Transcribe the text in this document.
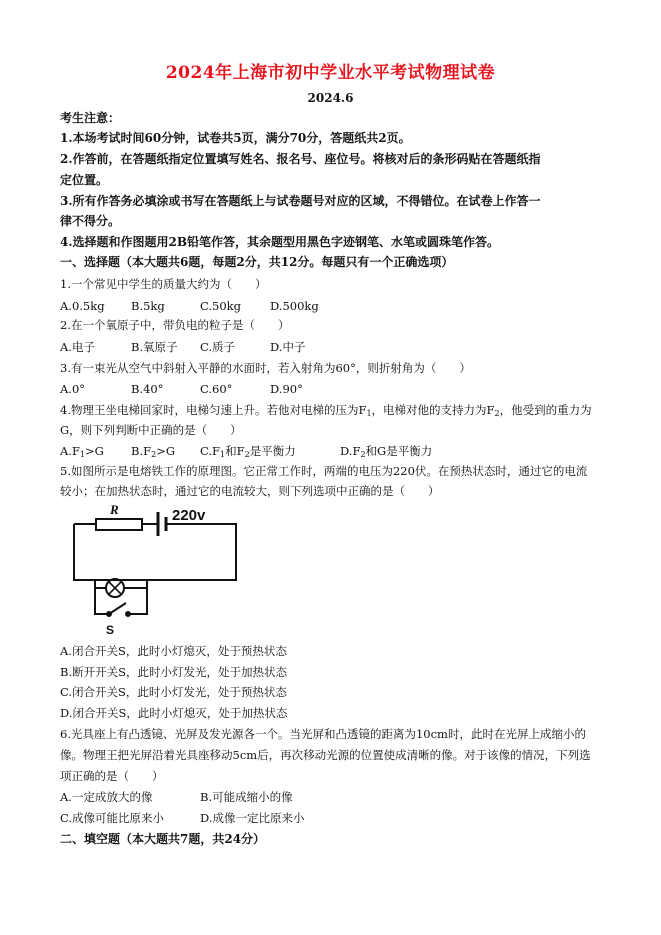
2024年上海市初中学业水平考试物理试卷
2024.6
考生注意：
1.本场考试时间60分钟，试卷共5页，满分70分，答题纸共2页。
2.作答前，在答题纸指定位置填写姓名、报名号、座位号。将核对后的条形码贴在答题纸指
定位置。
3.所有作答务必填涂或书写在答题纸上与试卷题号对应的区域，不得错位。在试卷上作答一
律不得分。
4.选择题和作图题用2B铅笔作答，其余题型用黑色字迹钢笔、水笔或圆珠笔作答。
一、选择题（本大题共6题，每题2分，共12分。每题只有一个正确选项）
1.一个常见中学生的质量大约为（　　）
A.0.5kg B.5kg	C.50kg	D.500kg
2.在一个氧原子中，带负电的粒子是（　　）
A.电子	B.氧原子 C.质子	D.中子
3.有一束光从空气中斜射入平静的水面时，若入射角为60°，则折射角为（　　）
A.0°	B.40°	C.60°	D.90°
4.物理王坐电梯回家时，电梯匀速上升。若他对电梯的压为$F_1$，电梯对他的支持力为$F_2$，他受到的重力为
G，则下列判断中正确的是（　　）
$A.F_1>G$ $B.F_2>G$ $C.F_1$和$F_2$是平衡力	$D.F_2$和G是平衡力
5.如图所示是电熔铁工作的原理图。它正常工作时，两端的电压为220伏。在预热状态时，通过它的电流
较小；在加热状态时，通过它的电流较大，则下列选项中正确的是（　　）
R	220v
S
A.闭合开关S，此时小灯熄灭，处于预热状态
B.断开开关S，此时小灯发光，处于加热状态
C.闭合开关S，此时小灯发光，处于预热状态
D.闭合开关S，此时小灯熄灭，处于加热状态
6.光具座上有凸透镜、光屏及发光源各一个。当光屏和凸透镜的距离为10cm时，此时在光屏上成缩小的
像。物理王把光屏沿着光具座移动5cm后，再次移动光源的位置使成清晰的像。对于该像的情况，下列选
项正确的是（　　）
A.一定成放大的像	B.可能成缩小的像
C.成像可能比原来小	D.成像一定比原来小
二、填空题（本大题共7题，共24分）
